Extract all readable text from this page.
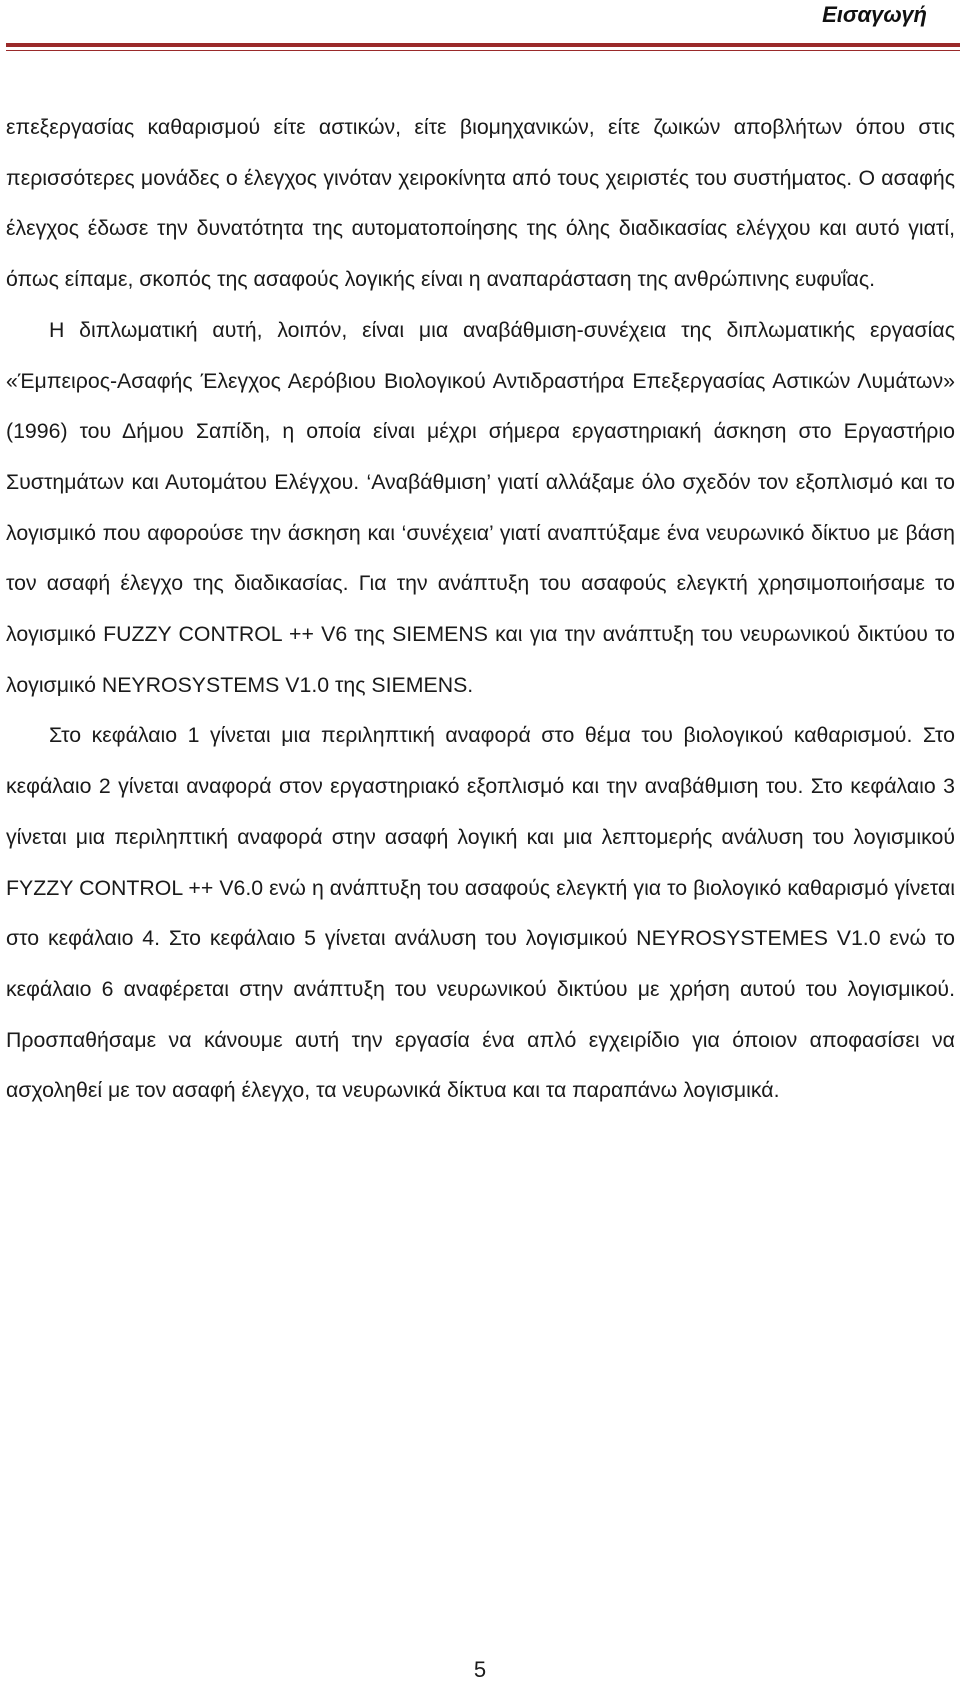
Εισαγωγή

επεξεργασίας καθαρισμού είτε αστικών, είτε βιομηχανικών, είτε ζωικών αποβλήτων όπου στις περισσότερες μονάδες ο έλεγχος γινόταν χειροκίνητα από τους χειριστές του συστήματος. Ο ασαφής έλεγχος έδωσε την δυνατότητα της αυτοματοποίησης της όλης διαδικασίας ελέγχου και αυτό γιατί, όπως είπαμε, σκοπός της ασαφούς λογικής είναι η αναπαράσταση της ανθρώπινης ευφυΐας.

Η διπλωματική αυτή, λοιπόν, είναι μια αναβάθμιση-συνέχεια της διπλωματικής εργασίας «Έμπειρος-Ασαφής Έλεγχος Αερόβιου Βιολογικού Αντιδραστήρα Επεξεργασίας Αστικών Λυμάτων» (1996) του Δήμου Σαπίδη, η οποία είναι μέχρι σήμερα εργαστηριακή άσκηση στο Εργαστήριο Συστημάτων και Αυτομάτου Ελέγχου. ‘Αναβάθμιση’ γιατί αλλάξαμε όλο σχεδόν τον εξοπλισμό και το λογισμικό που αφορούσε την άσκηση και ‘συνέχεια’ γιατί αναπτύξαμε ένα νευρωνικό δίκτυο με βάση τον ασαφή έλεγχο της διαδικασίας. Για την ανάπτυξη του ασαφούς ελεγκτή χρησιμοποιήσαμε το λογισμικό FUZZY CONTROL ++ V6 της SIEMENS και για την ανάπτυξη του νευρωνικού δικτύου το λογισμικό NEYROSYSTEMS V1.0 της SIEMENS.

Στο κεφάλαιο 1 γίνεται μια περιληπτική αναφορά στο θέμα του βιολογικού καθαρισμού. Στο κεφάλαιο 2 γίνεται αναφορά στον εργαστηριακό εξοπλισμό και την αναβάθμιση του. Στο κεφάλαιο 3 γίνεται μια περιληπτική αναφορά στην ασαφή λογική και μια λεπτομερής ανάλυση του λογισμικού FYZZY CONTROL ++ V6.0 ενώ η ανάπτυξη του ασαφούς ελεγκτή για το βιολογικό καθαρισμό γίνεται στο κεφάλαιο 4. Στο κεφάλαιο 5 γίνεται ανάλυση του λογισμικού NEYROSYSTEMES V1.0 ενώ το κεφάλαιο 6 αναφέρεται στην ανάπτυξη του νευρωνικού δικτύου με χρήση αυτού του λογισμικού. Προσπαθήσαμε να κάνουμε αυτή την εργασία ένα απλό εγχειρίδιο για όποιον αποφασίσει να ασχοληθεί με τον ασαφή έλεγχο, τα νευρωνικά δίκτυα και τα παραπάνω λογισμικά.

5
